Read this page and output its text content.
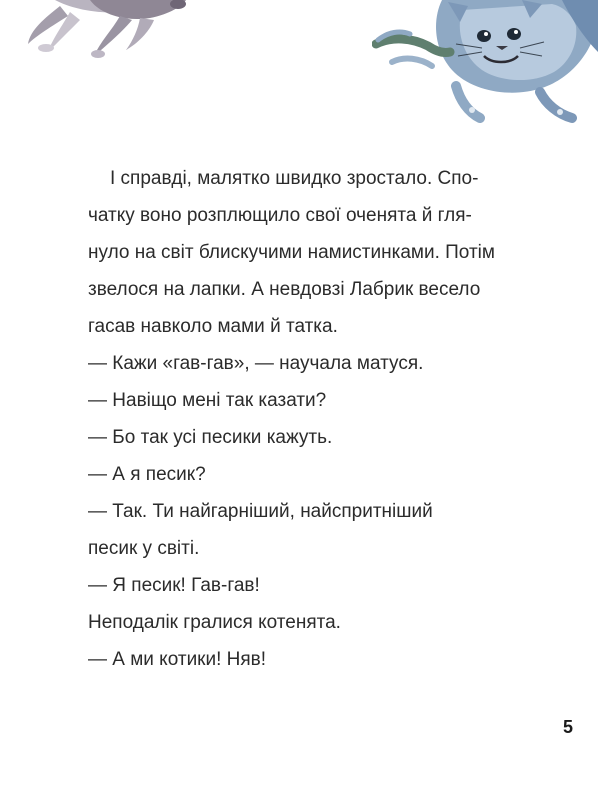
І справді, малятко швидко зростало. Спо-
чатку воно розплющило свої оченята й гля-
нуло на світ блискучими намистинками. Потім
звелося на лапки. А невдовзі Лабрик весело
гасав навколо мами й татка.

— Кажи «гав-гав», — научала матуся.

— Навіщо мені так казати?

— Бо так усі песики кажуть.

— А я песик?

— Так. Ти найгарніший, найспритніший
песик у світі.

— Я песик! Гав-гав!

Неподалік гралися котенята.

— А ми котики! Няв!

5
